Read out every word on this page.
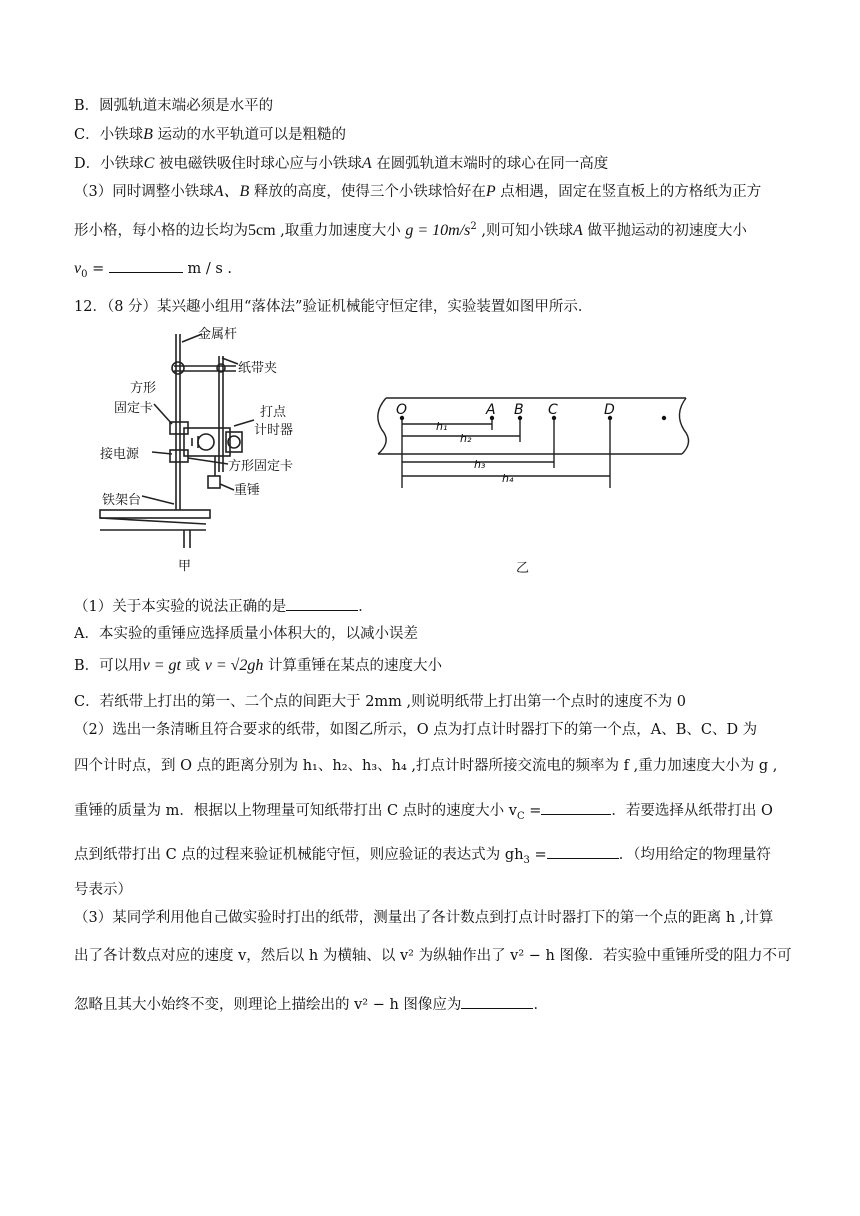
B．圆弧轨道末端必须是水平的
C．小铁球B 运动的水平轨道可以是粗糙的
D．小铁球C 被电磁铁吸住时球心应与小铁球A 在圆弧轨道末端时的球心在同一高度
（3）同时调整小铁球A、B 释放的高度，使得三个小铁球恰好在P 点相遇，固定在竖直板上的方格纸为正方
形小格，每小格的边长均为5cm ,取重力加速度大小 $g = 10m/s^2$ ,则可知小铁球A 做平抛运动的初速度大小
$v_0$ =	m / s .
12．（8 分）某兴趣小组用“落体法”验证机械能守恒定律，实验装置如图甲所示．
金属杆
纸带夹
方形
固定卡	打点
计时器
接电源
方形固定卡
重锤
铁架台
甲
O	A B C	D
h₁
h₂
h₃
h₄
乙
（1）关于本实验的说法正确的是	．
A．本实验的重锤应选择质量小体积大的，以减小误差
B．可以用v = gt 或 v = √2gh 计算重锤在某点的速度大小
C．若纸带上打出的第一、二个点的间距大于 2mm ,则说明纸带上打出第一个点时的速度不为 0
（2）选出一条清晰且符合要求的纸带，如图乙所示，O 点为打点计时器打下的第一个点，A、B、C、D 为
四个计时点，到 O 点的距离分别为 h₁、h₂、h₃、h₄ ,打点计时器所接交流电的频率为 f ,重力加速度大小为 g ,
重锤的质量为 m．根据以上物理量可知纸带打出 C 点时的速度大小 $v_C$ =	．若要选择从纸带打出 O
点到纸带打出 C 点的过程来验证机械能守恒，则应验证的表达式为 $gh_3$ =	．（均用给定的物理量符
号表示）
（3）某同学利用他自己做实验时打出的纸带，测量出了各计数点到打点计时器打下的第一个点的距离 h ,计算
出了各计数点对应的速度 v，然后以 h 为横轴、以 v² 为纵轴作出了 v² − h 图像．若实验中重锤所受的阻力不可
忽略且其大小始终不变，则理论上描绘出的 v² − h 图像应为	．
